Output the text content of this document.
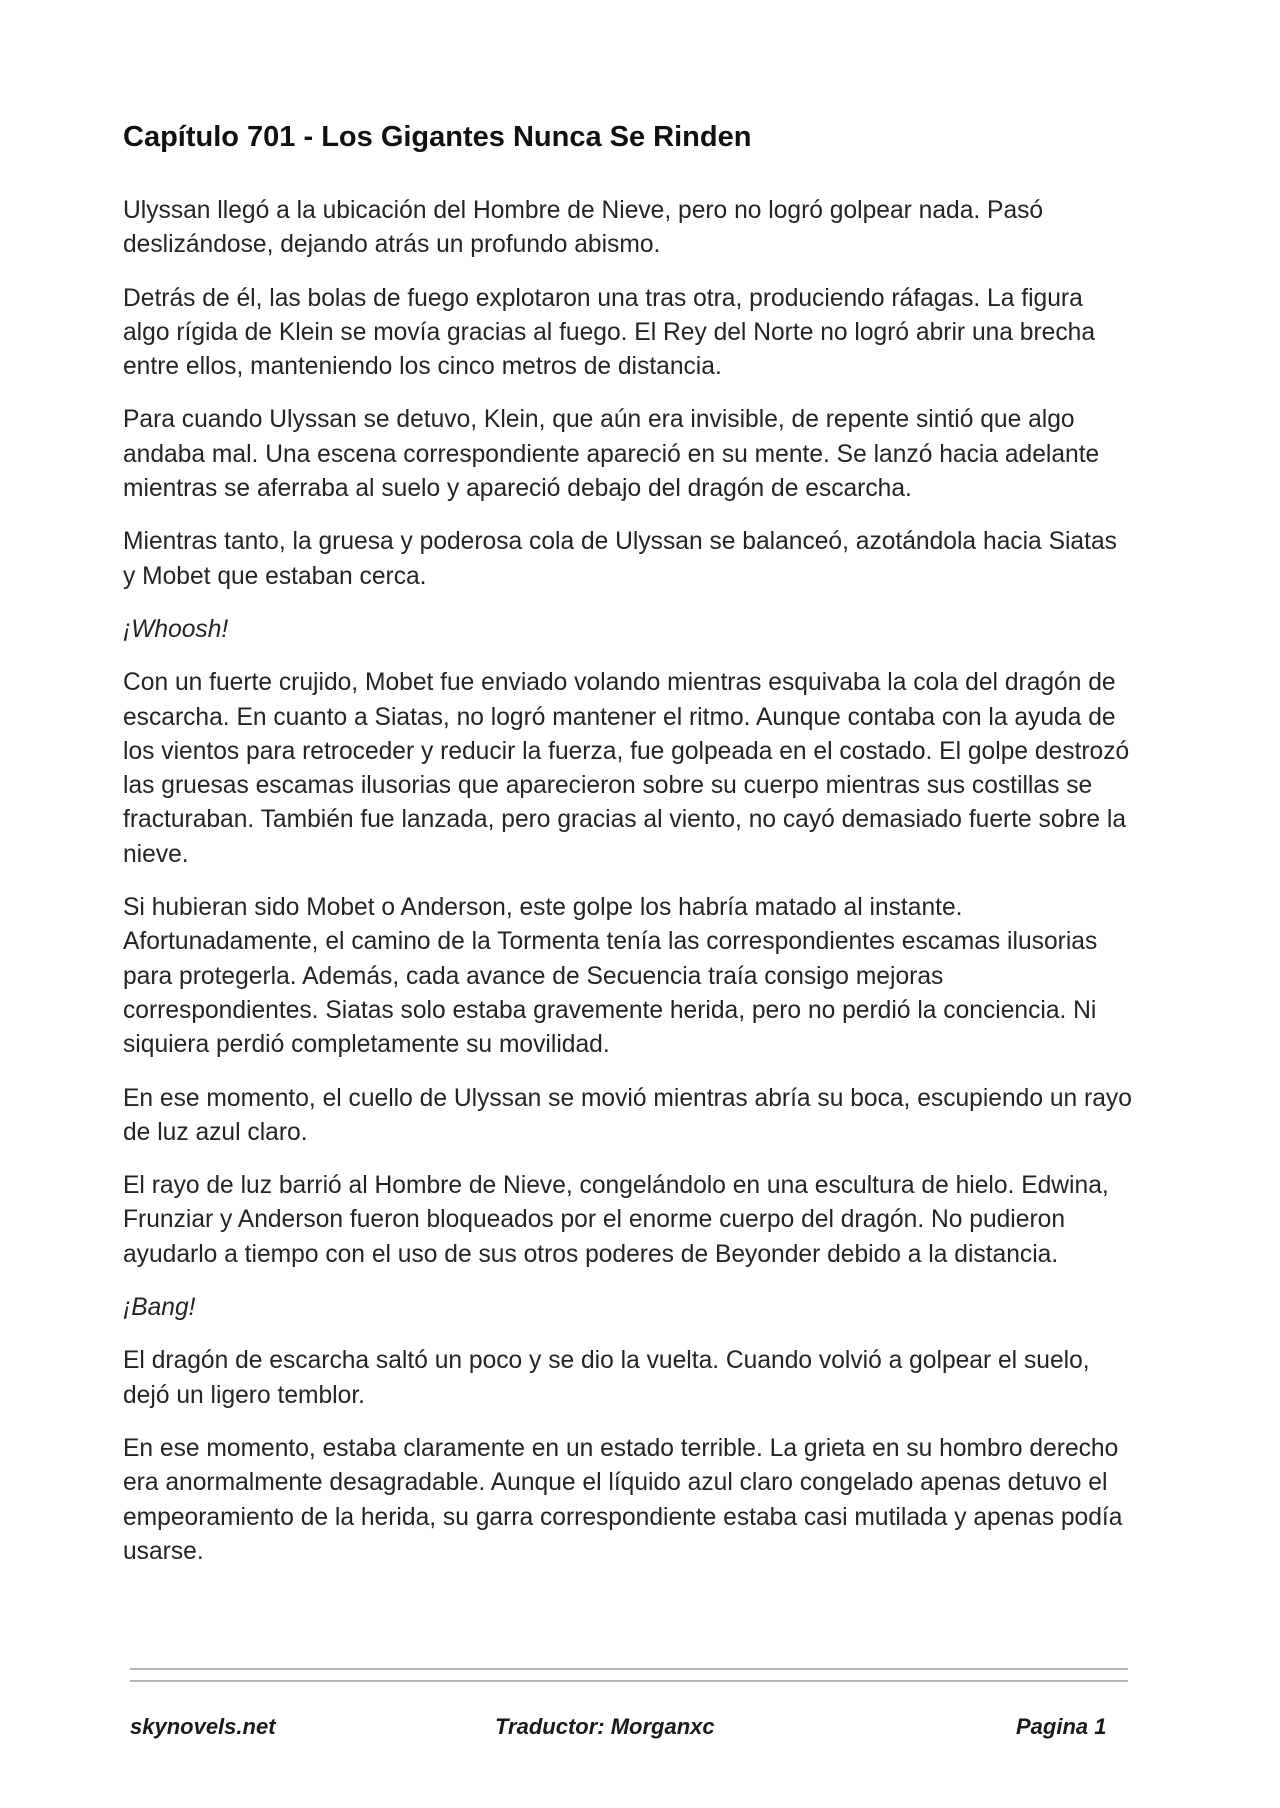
Capítulo 701 - Los Gigantes Nunca Se Rinden

Ulyssan llegó a la ubicación del Hombre de Nieve, pero no logró golpear nada. Pasó deslizándose, dejando atrás un profundo abismo.

Detrás de él, las bolas de fuego explotaron una tras otra, produciendo ráfagas. La figura algo rígida de Klein se movía gracias al fuego. El Rey del Norte no logró abrir una brecha entre ellos, manteniendo los cinco metros de distancia.

Para cuando Ulyssan se detuvo, Klein, que aún era invisible, de repente sintió que algo andaba mal. Una escena correspondiente apareció en su mente. Se lanzó hacia adelante mientras se aferraba al suelo y apareció debajo del dragón de escarcha.

Mientras tanto, la gruesa y poderosa cola de Ulyssan se balanceó, azotándola hacia Siatas y Mobet que estaban cerca.

¡Whoosh!

Con un fuerte crujido, Mobet fue enviado volando mientras esquivaba la cola del dragón de escarcha. En cuanto a Siatas, no logró mantener el ritmo. Aunque contaba con la ayuda de los vientos para retroceder y reducir la fuerza, fue golpeada en el costado. El golpe destrozó las gruesas escamas ilusorias que aparecieron sobre su cuerpo mientras sus costillas se fracturaban. También fue lanzada, pero gracias al viento, no cayó demasiado fuerte sobre la nieve.

Si hubieran sido Mobet o Anderson, este golpe los habría matado al instante. Afortunadamente, el camino de la Tormenta tenía las correspondientes escamas ilusorias para protegerla. Además, cada avance de Secuencia traía consigo mejoras correspondientes. Siatas solo estaba gravemente herida, pero no perdió la conciencia. Ni siquiera perdió completamente su movilidad.

En ese momento, el cuello de Ulyssan se movió mientras abría su boca, escupiendo un rayo de luz azul claro.

El rayo de luz barrió al Hombre de Nieve, congelándolo en una escultura de hielo. Edwina, Frunziar y Anderson fueron bloqueados por el enorme cuerpo del dragón. No pudieron ayudarlo a tiempo con el uso de sus otros poderes de Beyonder debido a la distancia.

¡Bang!

El dragón de escarcha saltó un poco y se dio la vuelta. Cuando volvió a golpear el suelo, dejó un ligero temblor.

En ese momento, estaba claramente en un estado terrible. La grieta en su hombro derecho era anormalmente desagradable. Aunque el líquido azul claro congelado apenas detuvo el empeoramiento de la herida, su garra correspondiente estaba casi mutilada y apenas podía usarse.

skynovels.net	Traductor: Morganxc	Pagina 1
